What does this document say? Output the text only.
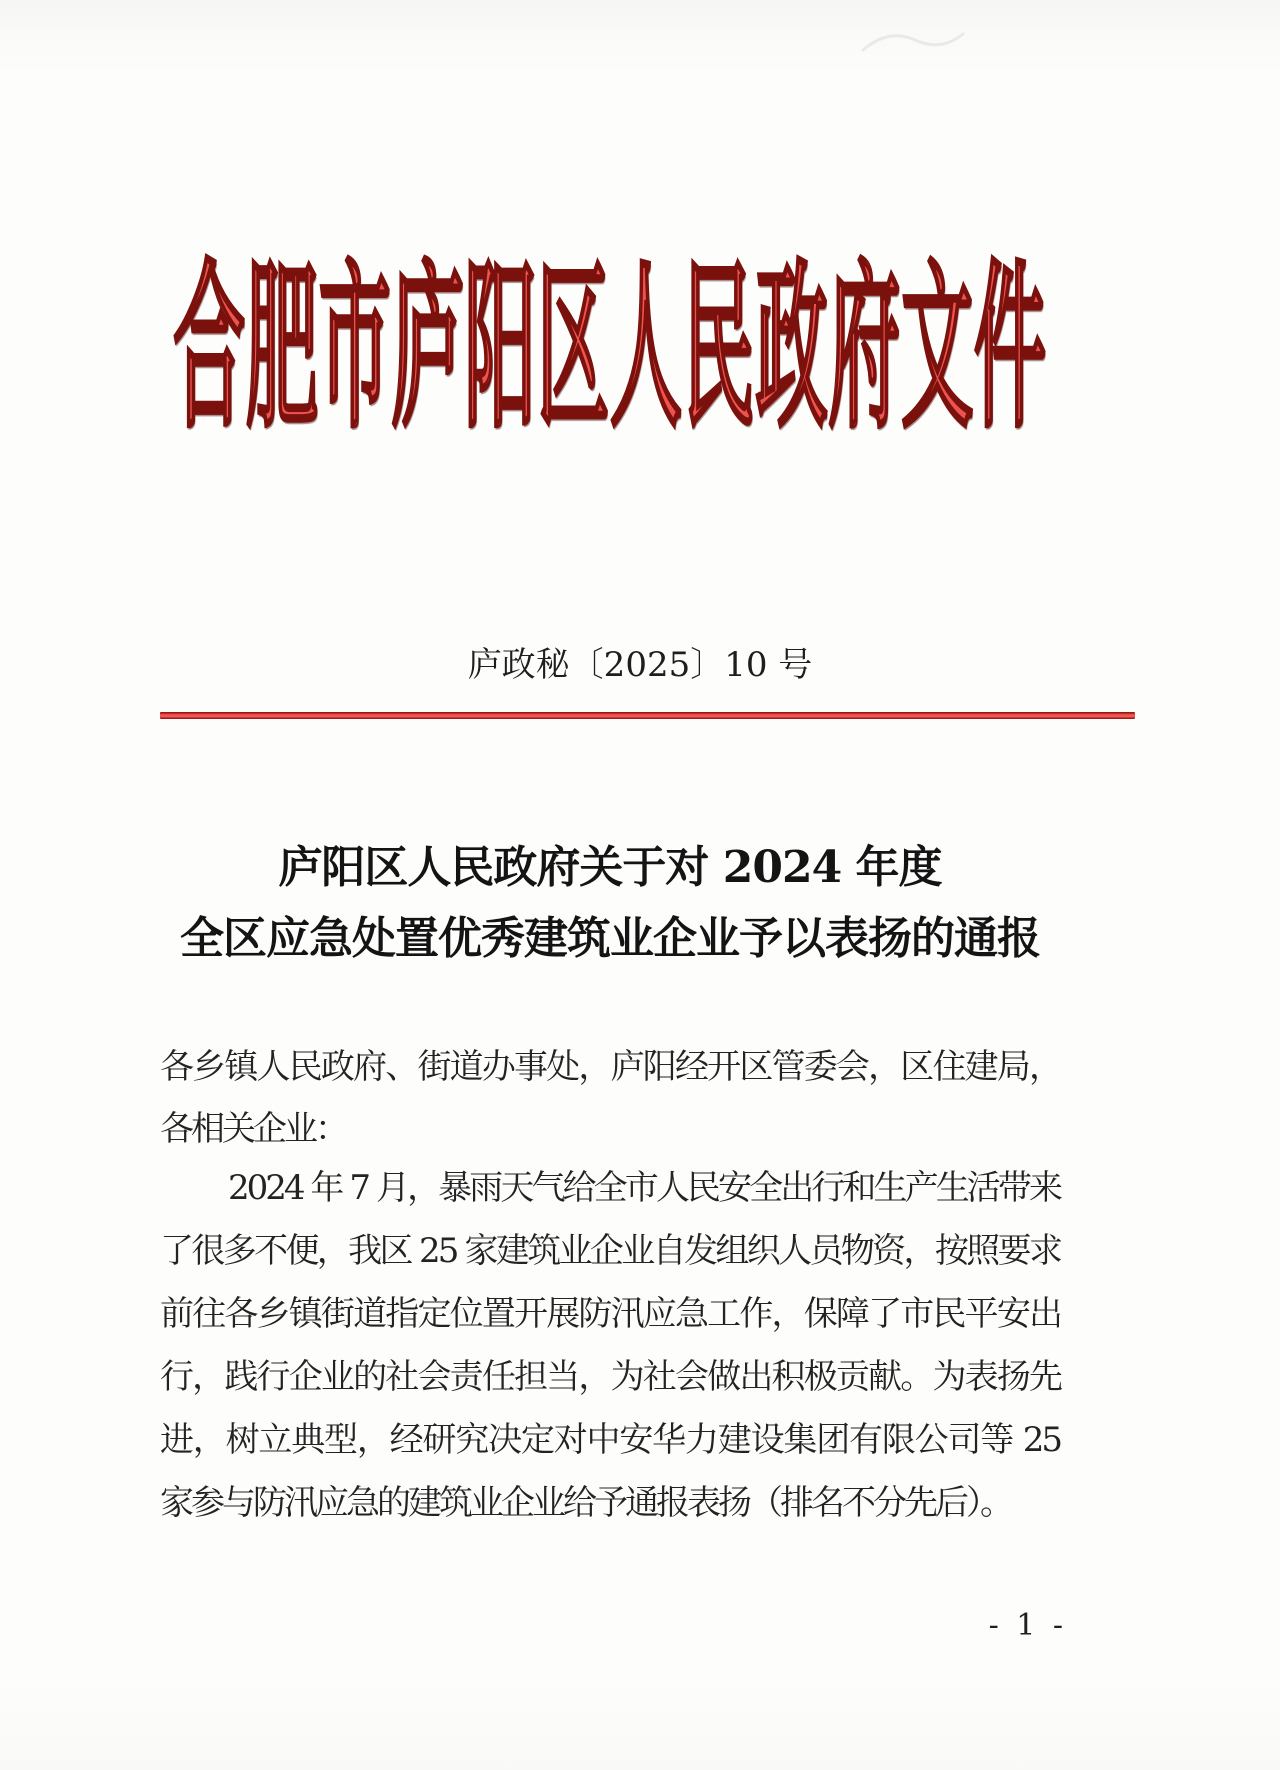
合肥市庐阳区人民政府文件
庐政秘〔2025〕10 号
庐阳区人民政府关于对 2024 年度
全区应急处置优秀建筑业企业予以表扬的通报
各乡镇人民政府、街道办事处，庐阳经开区管委会，区住建局，
各相关企业：
2024 年 7 月，暴雨天气给全市人民安全出行和生产生活带来
了很多不便，我区 25 家建筑业企业自发组织人员物资，按照要求
前往各乡镇街道指定位置开展防汛应急工作，保障了市民平安出
行，践行企业的社会责任担当，为社会做出积极贡献。为表扬先
进，树立典型，经研究决定对中安华力建设集团有限公司等 25
家参与防汛应急的建筑业企业给予通报表扬（排名不分先后）。
- 1 -
